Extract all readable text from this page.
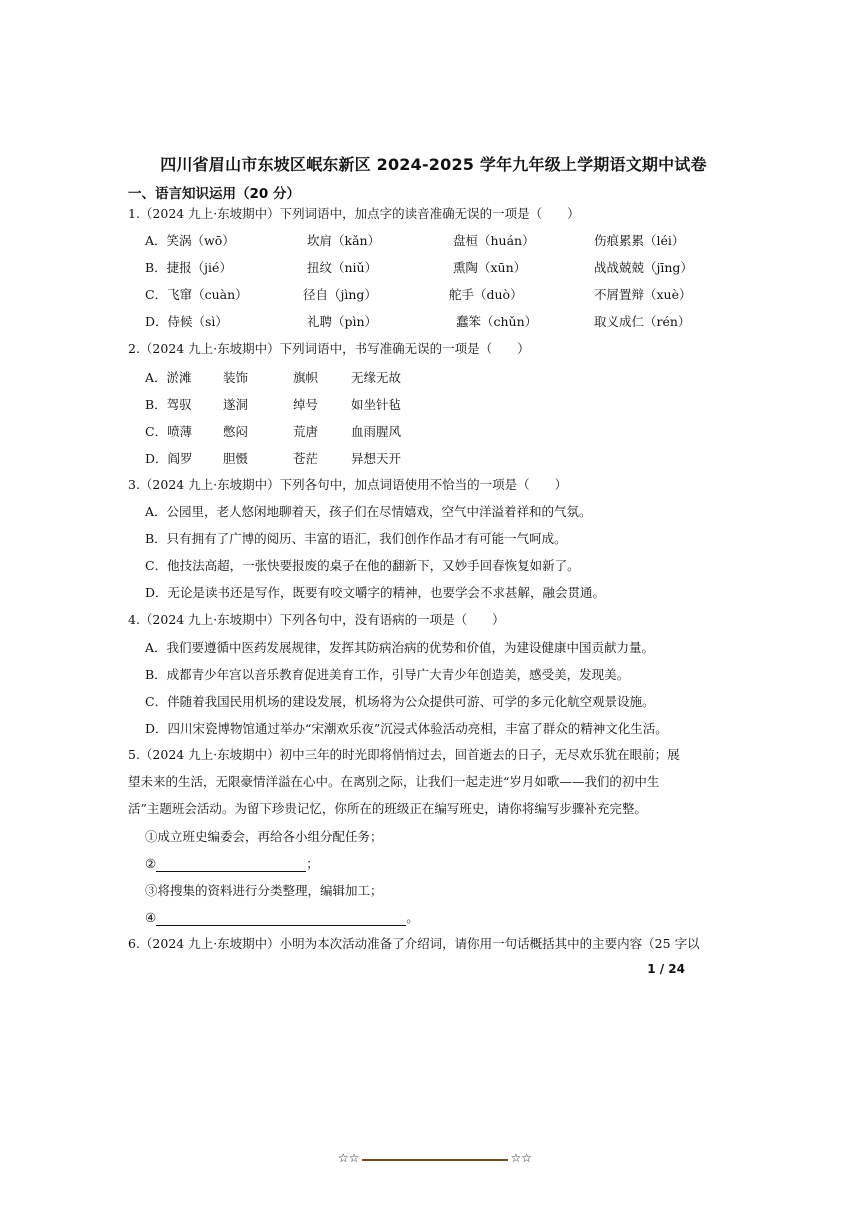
四川省眉山市东坡区岷东新区 2024-2025 学年九年级上学期语文期中试卷
一、语言知识运用（20 分）
1.（2024 九上·东坡期中）下列词语中，加点字的读音准确无误的一项是（　　）
A．笑涡（wō）	坎肩（kǎn）	盘桓（huán）	伤痕累累（léi）
B．捷报（jié）	扭纹（niǔ）	熏陶（xūn）	战战兢兢（jīng）
C．飞窜（cuàn）	径自（jìng）	舵手（duò）	不屑置辩（xuè）
D．侍候（sì）	礼聘（pìn）	蠢笨（chǔn）	取义成仁（rén）
2.（2024 九上·东坡期中）下列词语中，书写准确无误的一项是（　　）
A．淤滩	装饰	旗帜	无缘无故
B．驾驭	遂洞	绰号	如坐针毡
C．喷薄 憋闷	荒唐	血雨腥风
D．阎罗 胆慑	苍茫	异想天开
3.（2024 九上·东坡期中）下列各句中，加点词语使用不恰当的一项是（　　）
A．公园里，老人悠闲地聊着天，孩子们在尽情嬉戏，空气中洋溢着祥和的气氛。
B．只有拥有了广博的阅历、丰富的语汇，我们创作作品才有可能一气呵成。
C．他技法高超，一张快要报废的桌子在他的翻新下，又妙手回春恢复如新了。
D．无论是读书还是写作，既要有咬文嚼字的精神，也要学会不求甚解，融会贯通。
4.（2024 九上·东坡期中）下列各句中，没有语病的一项是（　　）
A．我们要遵循中医药发展规律，发挥其防病治病的优势和价值，为建设健康中国贡献力量。
B．成都青少年宫以音乐教育促进美育工作，引导广大青少年创造美，感受美，发现美。
C．伴随着我国民用机场的建设发展，机场将为公众提供可游、可学的多元化航空观景设施。
D．四川宋瓷博物馆通过举办“宋潮欢乐夜”沉浸式体验活动亮相，丰富了群众的精神文化生活。
5.（2024 九上·东坡期中）初中三年的时光即将悄悄过去，回首逝去的日子，无尽欢乐犹在眼前；展望未来的生活，无限豪情洋溢在心中。在离别之际，让我们一起走进“岁月如歌——我们的初中生活”主题班会活动。为留下珍贵记忆，你所在的班级正在编写班史，请你将编写步骤补充完整。
①成立班史编委会，再给各小组分配任务；
②	；
③将搜集的资料进行分类整理，编辑加工；
④	。
6.（2024 九上·东坡期中）小明为本次活动准备了介绍词，请你用一句话概括其中的主要内容（25 字以
1 / 24
☆☆	☆☆
